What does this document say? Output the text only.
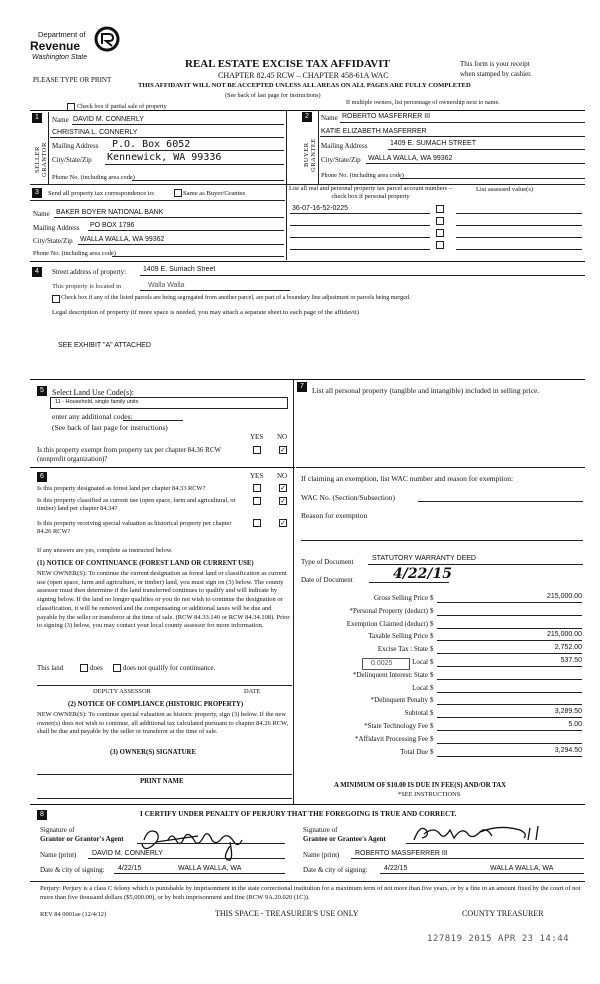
Department of
Revenue
Washington State
REAL ESTATE EXCISE TAX AFFIDAVIT
CHAPTER 82.45 RCW – CHAPTER 458-61A WAC
THIS AFFIDAVIT WILL NOT BE ACCEPTED UNLESS ALL AREAS ON ALL PAGES ARE FULLY COMPLETED
(See back of last page for instructions)
PLEASE TYPE OR PRINT
This form is your receipt
when stamped by cashier.
Check box if partial sale of property
If multiple owners, list percentage of ownership next to name.
1
SELLER GRANTOR
Name DAVID M. CONNERLY
CHRISTINA L. CONNERLY
Mailing Address P.O. Box 6052
City/State/Zip Kennewick, WA 99336
Phone No. (including area code)
2
BUYER GRANTEE
Name ROBERTO MASFERRER III
KATIE ELIZABETH MASFERRER
Mailing Address	1409 E. SUMACH STREET
City/State/Zip WALLA WALLA, WA 99362
Phone No. (including area code)
3	Send all property tax correspondence to:	Same as Buyer/Grantee
Name BAKER BOYER NATIONAL BANK
Mailing Address PO BOX 1796
City/State/Zip WALLA WALLA, WA 99362
Phone No. (including area code)
List all real and personal property tax parcel account numbers – check box if personal property
List assessed value(s)
36-07-16-52-0225
4	Street address of property: 1409 E. Sumach Street
This property is located in	Walla Walla
Check box if any of the listed parcels are being segregated from another parcel, are part of a boundary line adjustment or parcels being merged.
Legal description of property (if more space is needed, you may attach a separate sheet to each page of the affidavit)
SEE EXHIBIT "A" ATTACHED
5	Select Land Use Code(s):
11 - Household, single family units
enter any additional codes:
(See back of last page for instructions)
YES NO
Is this property exempt from property tax per chapter 84.36 RCW (nonprofit organization)?
✓
7	List all personal property (tangible and intangible) included in selling price.
6	YES NO
Is this property designated as forest land per chapter 84.33 RCW?	✓
Is this property classified as current use (open space, farm and agricultural, or timber) land per chapter 84.34?
✓
Is this property receiving special valuation as historical property per chapter 84.26 RCW?
✓
If any answers are yes, complete as instructed below.
(1) NOTICE OF CONTINUANCE (FOREST LAND OR CURRENT USE)
NEW OWNER(S): To continue the current designation as forest land or classification as current use (open space, farm and agriculture, or timber) land, you must sign on (3) below. The county assessor must then determine if the land transferred continues to qualify and will indicate by signing below. If the land no longer qualifies or you do not wish to continue the designation or classification, it will be removed and the compensating or additional taxes will be due and payable by the seller or transferor at the time of sale. (RCW 84.33.140 or RCW 84.34.108). Prior to signing (3) below, you may contact your local county assessor for more information.
This land	does	does not qualify for continuance.
DEPUTY ASSESSOR	DATE
(2) NOTICE OF COMPLIANCE (HISTORIC PROPERTY)
NEW OWNER(S): To continue special valuation as historic property, sign (3) below. If the new owner(s) does not wish to continue, all additional tax calculated pursuant to chapter 84.26 RCW, shall be due and payable by the seller or transferor at the time of sale.
(3) OWNER(S) SIGNATURE
PRINT NAME
If claiming an exemption, list WAC number and reason for exemption:
WAC No. (Section/Subsection)
Reason for exemption
Type of Document	STATUTORY WARRANTY DEED
Date of Document	4/22/15
Gross Selling Price $	215,000.00
*Personal Property (deduct) $
Exemption Claimed (deduct) $
Taxable Selling Price $	215,000.00
Excise Tax : State $	2,752.00
Local $	537.50
*Delinquent Interest: State $
Local $
*Delinquent Penalty $
Subtotal $	3,289.50
*State Technology Fee $	5.00
*Affidavit Processing Fee $
Total Due $	3,294.50
0.0025
A MINIMUM OF $10.00 IS DUE IN FEE(S) AND/OR TAX
*SEE INSTRUCTIONS
8	I CERTIFY UNDER PENALTY OF PERJURY THAT THE FOREGOING IS TRUE AND CORRECT.
Signature of
Grantor or Grantor's Agent
Name (print) DAVID M. CONNERLY
Date & city of signing: 4/22/15	WALLA WALLA, WA
Signature of
Grantee or Grantee's Agent
Name (print) ROBERTO MASSFERRER III
Date & city of signing: 4/22/15	WALLA WALLA, WA
Perjury: Perjury is a class C felony which is punishable by imprisonment in the state correctional institution for a maximum term of not more than five years, or by a fine in an amount fixed by the court of not more than five thousand dollars ($5,000.00), or by both imprisonment and fine (RCW 9A.20.020 (1C)).
REV 84 0001ae (12/4/12)	THIS SPACE - TREASURER'S USE ONLY	COUNTY TREASURER
127819 2015 APR 23 14:44
